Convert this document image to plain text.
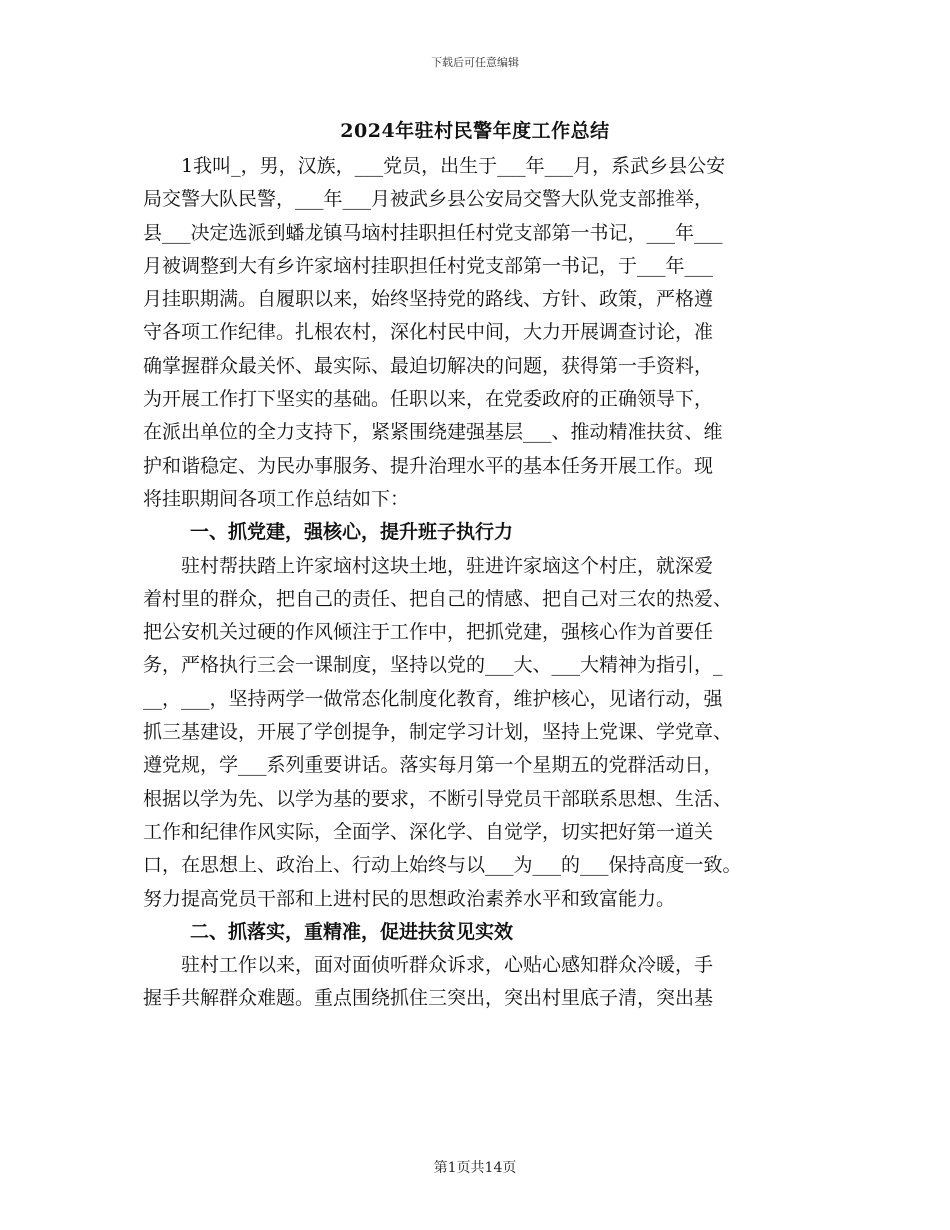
下载后可任意编辑
2024年驻村民警年度工作总结
1我叫_，男，汉族，___党员，出生于___年___月，系武乡县公安
局交警大队民警，___年___月被武乡县公安局交警大队党支部推举，
县___决定选派到蟠龙镇马垴村挂职担任村党支部第一书记，___年___
月被调整到大有乡许家垴村挂职担任村党支部第一书记，于___年___
月挂职期满。自履职以来，始终坚持党的路线、方针、政策，严格遵
守各项工作纪律。扎根农村，深化村民中间，大力开展调查讨论，准
确掌握群众最关怀、最实际、最迫切解决的问题，获得第一手资料，
为开展工作打下坚实的基础。任职以来，在党委政府的正确领导下，
在派出单位的全力支持下，紧紧围绕建强基层___、推动精准扶贫、维
护和谐稳定、为民办事服务、提升治理水平的基本任务开展工作。现
将挂职期间各项工作总结如下：
一、抓党建，强核心，提升班子执行力
驻村帮扶踏上许家垴村这块土地，驻进许家垴这个村庄，就深爱
着村里的群众，把自己的责任、把自己的情感、把自己对三农的热爱、
把公安机关过硬的作风倾注于工作中，把抓党建，强核心作为首要任
务，严格执行三会一课制度，坚持以党的___大、___大精神为指引，_
__，___，坚持两学一做常态化制度化教育，维护核心，见诸行动，强
抓三基建设，开展了学创提争，制定学习计划，坚持上党课、学党章、
遵党规，学___系列重要讲话。落实每月第一个星期五的党群活动日，
根据以学为先、以学为基的要求，不断引导党员干部联系思想、生活、
工作和纪律作风实际，全面学、深化学、自觉学，切实把好第一道关
口，在思想上、政治上、行动上始终与以___为___的___保持高度一致。
努力提高党员干部和上进村民的思想政治素养水平和致富能力。
二、抓落实，重精准，促进扶贫见实效
驻村工作以来，面对面侦听群众诉求，心贴心感知群众冷暖，手
握手共解群众难题。重点围绕抓住三突出，突出村里底子清，突出基
第1页共14页
